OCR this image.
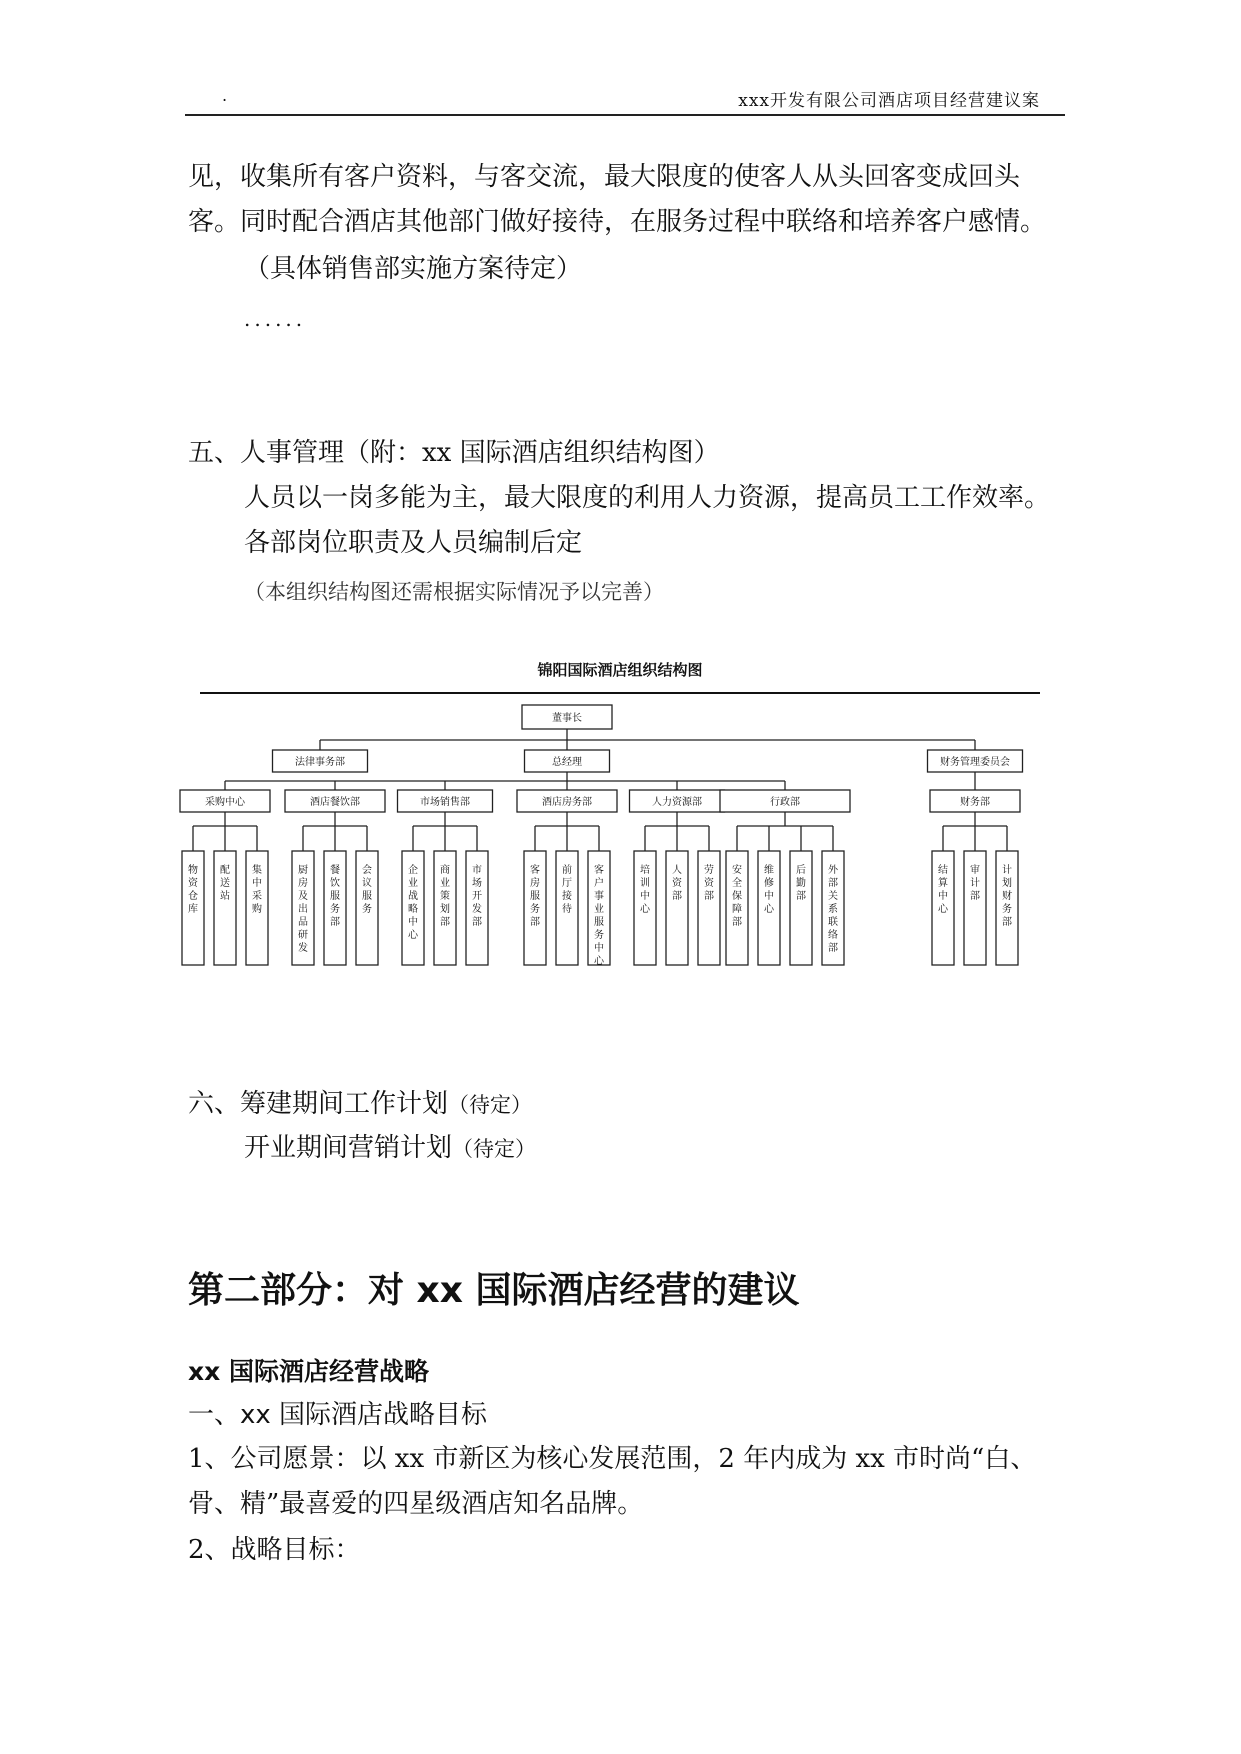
.	xxx开发有限公司酒店项目经营建议案
见，收集所有客户资料，与客交流，最大限度的使客人从头回客变成回头
客。同时配合酒店其他部门做好接待，在服务过程中联络和培养客户感情。
（具体销售部实施方案待定）
......
五、人事管理（附：xx 国际酒店组织结构图）
人员以一岗多能为主，最大限度的利用人力资源，提高员工工作效率。
各部岗位职责及人员编制后定
（本组织结构图还需根据实际情况予以完善）
锦阳国际酒店组织结构图
董事长
法律事务部	总经理	财务管理委员会
采购中心
物资仓库
配送站
集中采购
酒店餐饮部
厨房及出品研发
餐饮服务部
会议服务
市场销售部
企业战略中心
商业策划部
市场开发部
酒店房务部
客房服务部
前厅接待
客户事业服务中心
人力资源部
培训中心
人资部
劳资部
行政部
安全保障部
维修中心
后勤部
外部关系联络部
财务部
结算中心
审计部
计划财务部
六、筹建期间工作计划（待定）
开业期间营销计划（待定）
第二部分：对 xx 国际酒店经营的建议
xx 国际酒店经营战略
一、xx 国际酒店战略目标
1、公司愿景：以 xx 市新区为核心发展范围，2 年内成为 xx 市时尚“白、
骨、精”最喜爱的四星级酒店知名品牌。
2、战略目标：
